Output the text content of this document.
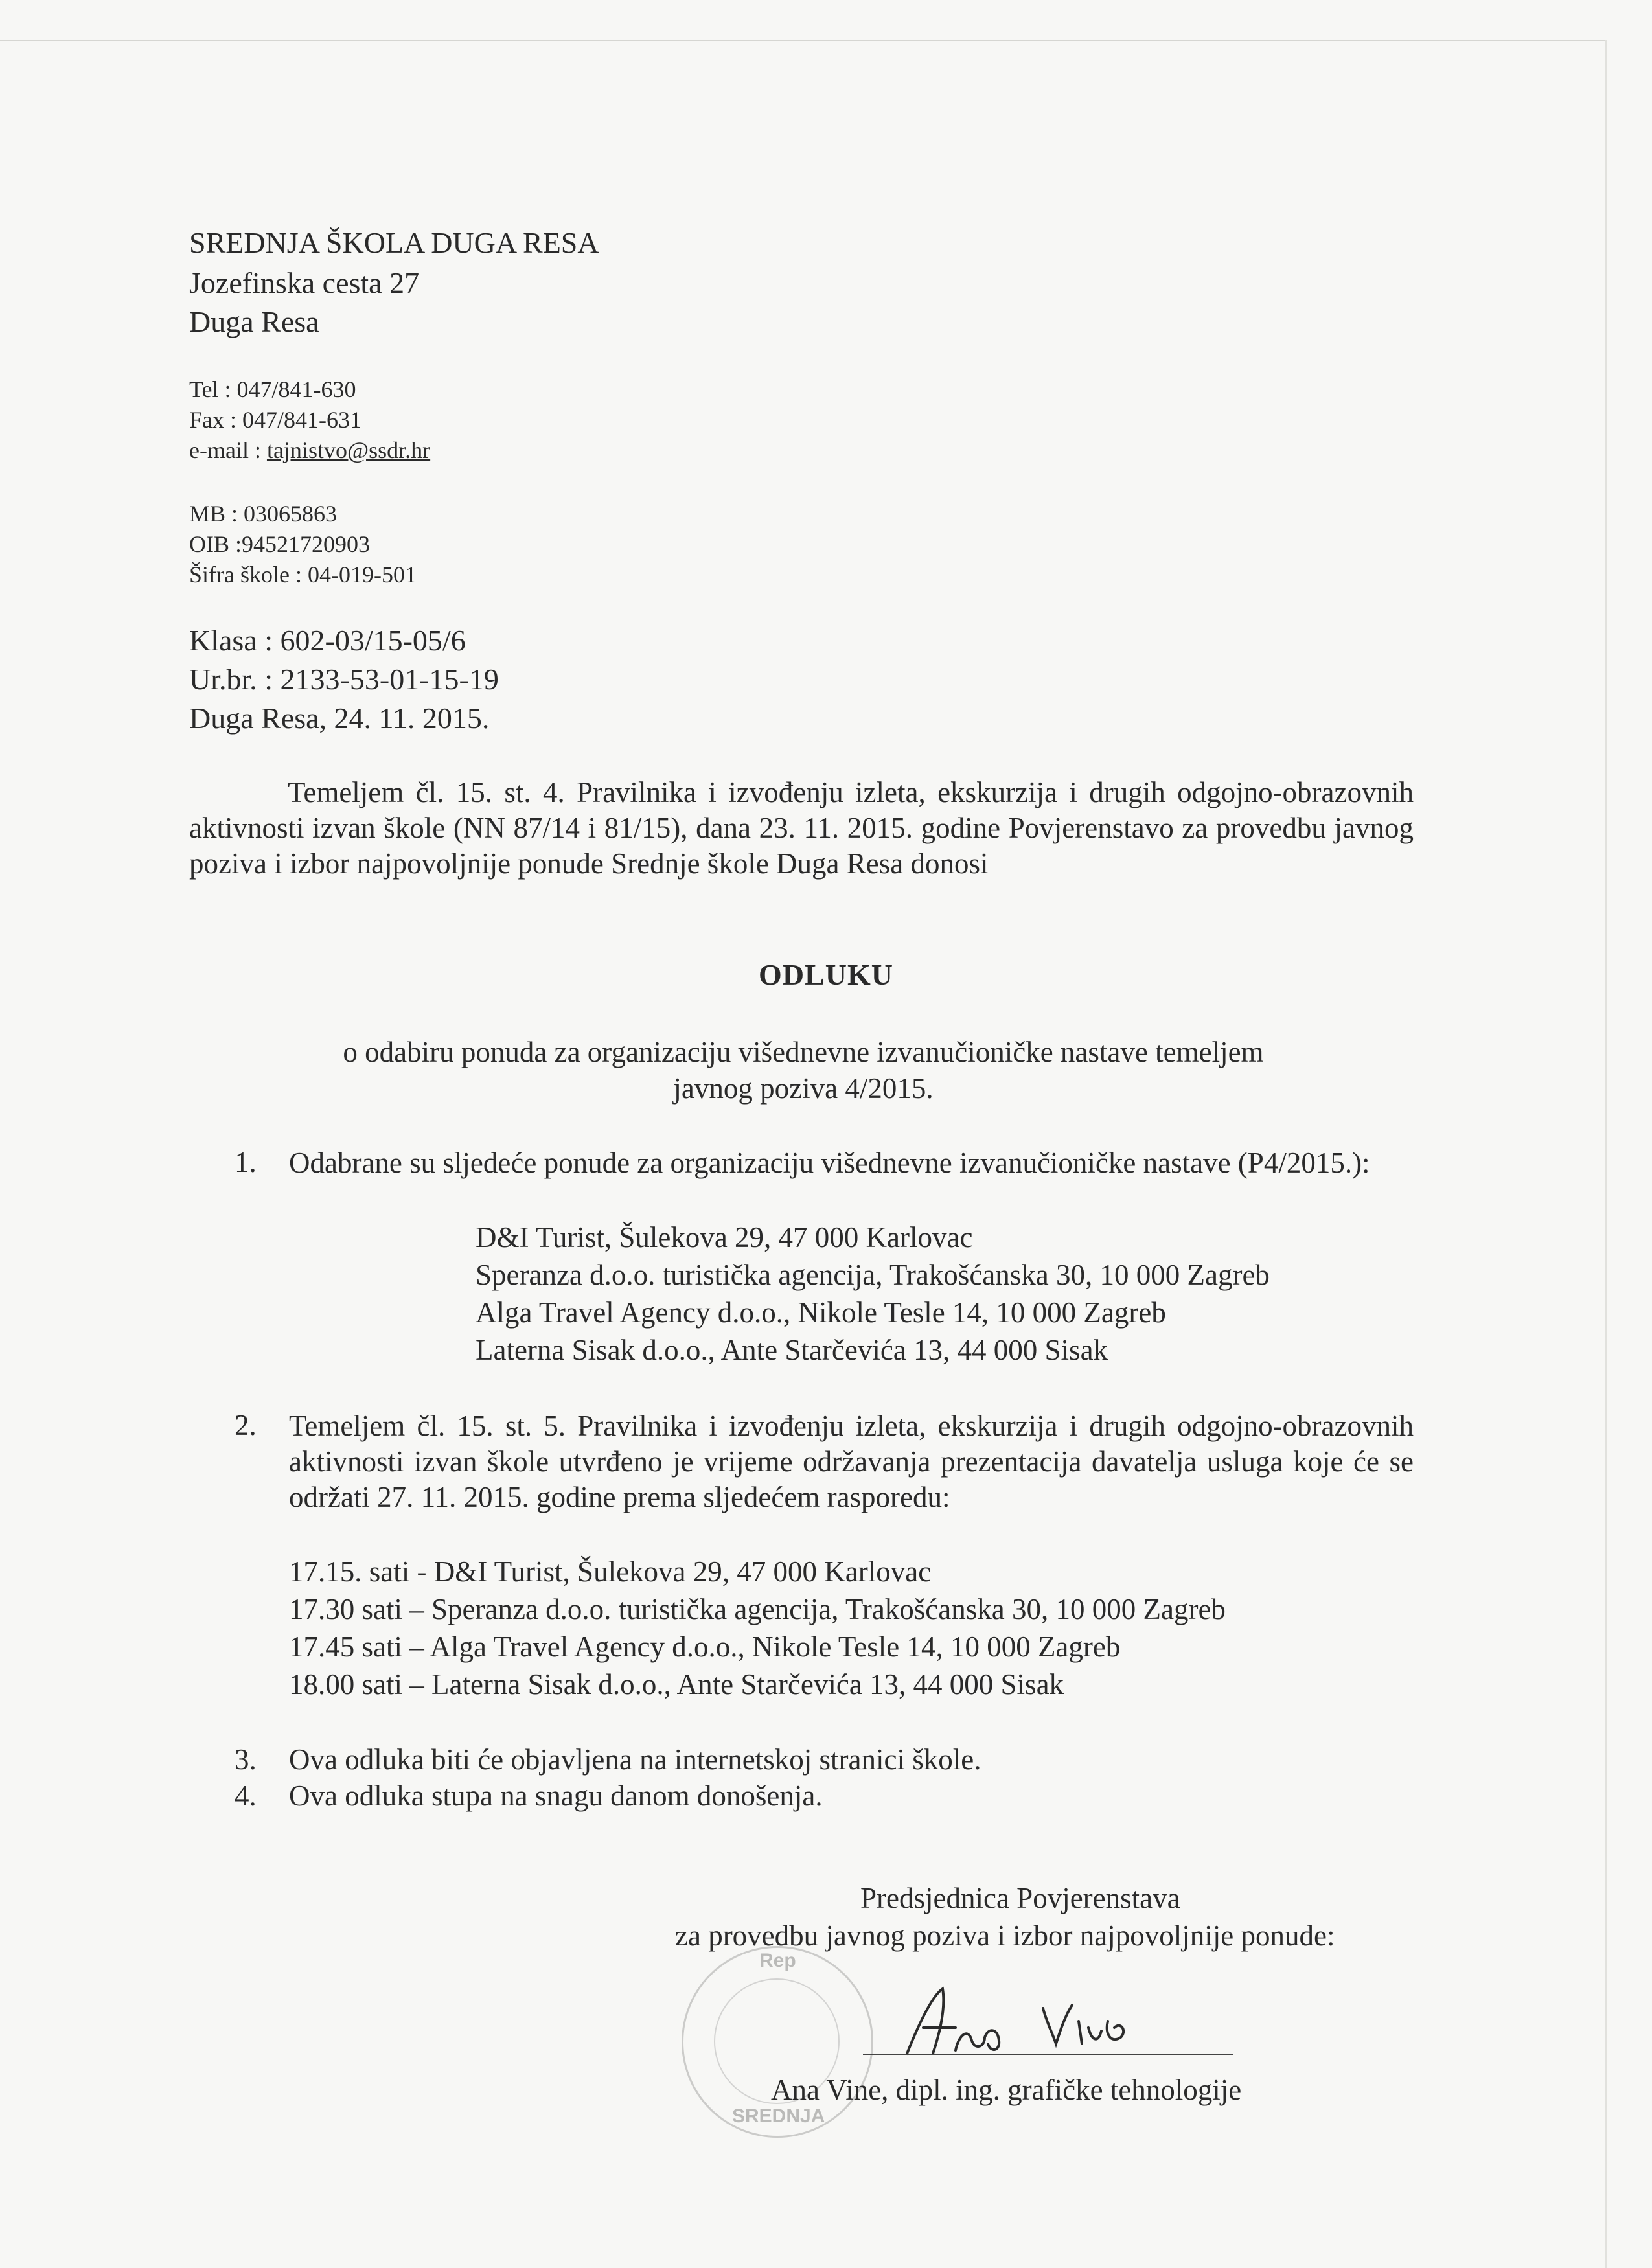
SREDNJA ŠKOLA DUGA RESA
Jozefinska cesta 27
Duga Resa
Tel : 047/841-630
Fax : 047/841-631
e-mail : tajnistvo@ssdr.hr
MB : 03065863
OIB :94521720903
Šifra škole : 04-019-501
Klasa : 602-03/15-05/6
Ur.br. : 2133-53-01-15-19
Duga Resa, 24. 11. 2015.
Temeljem čl. 15. st. 4. Pravilnika i izvođenju izleta, ekskurzija i drugih odgojno-obrazovnih aktivnosti izvan škole (NN 87/14 i 81/15), dana 23. 11. 2015. godine Povjerenstavo za provedbu javnog poziva i izbor najpovoljnije ponude Srednje škole Duga Resa donosi
ODLUKU
o odabiru ponuda za organizaciju višednevne izvanučioničke nastave temeljem
javnog poziva 4/2015.
1. Odabrane su sljedeće ponude za organizaciju višednevne izvanučioničke nastave (P4/2015.):
D&I Turist, Šulekova 29, 47 000 Karlovac
Speranza d.o.o. turistička agencija, Trakošćanska 30, 10 000 Zagreb
Alga Travel Agency d.o.o., Nikole Tesle 14, 10 000 Zagreb
Laterna Sisak d.o.o., Ante Starčevića 13, 44 000 Sisak
2. Temeljem čl. 15. st. 5. Pravilnika i izvođenju izleta, ekskurzija i drugih odgojno-obrazovnih aktivnosti izvan škole utvrđeno je vrijeme održavanja prezentacija davatelja usluga koje će se održati 27. 11. 2015. godine prema sljedećem rasporedu:
17.15. sati - D&I Turist, Šulekova 29, 47 000 Karlovac
17.30 sati – Speranza d.o.o. turistička agencija, Trakošćanska 30, 10 000 Zagreb
17.45 sati – Alga Travel Agency d.o.o., Nikole Tesle 14, 10 000 Zagreb
18.00 sati – Laterna Sisak d.o.o., Ante Starčevića 13, 44 000 Sisak
3. Ova odluka biti će objavljena na internetskoj stranici škole.
4. Ova odluka stupa na snagu danom donošenja.
Predsjednica Povjerenstava
za provedbu javnog poziva i izbor najpovoljnije ponude:
Rep
SREDNJA
Ana Vine, dipl. ing. grafičke tehnologije
